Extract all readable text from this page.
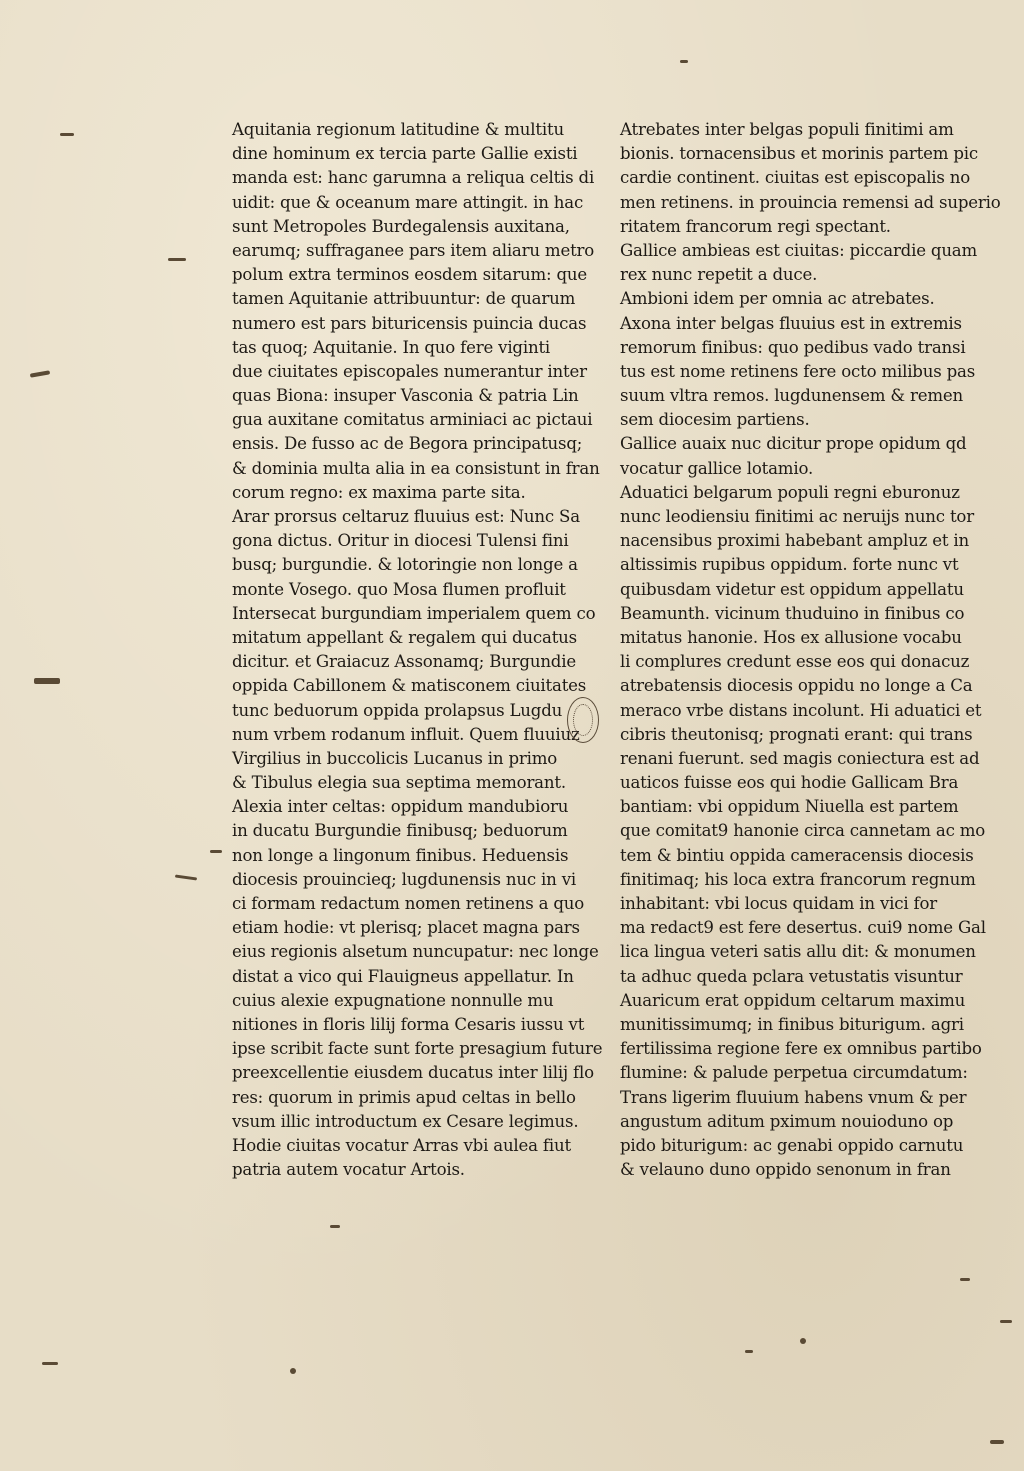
Aquitania regionum latitudine & multitu
dine hominum ex tercia parte Gallie existi
manda est: hanc garumna a reliqua celtis di
uidit: que & oceanum mare attingit. in hac
sunt Metropoles Burdegalensis auxitana,
earumq; suffraganee pars item aliaru metro
polum extra terminos eosdem sitarum: que
tamen Aquitanie attribuuntur: de quarum
numero est pars bituricensis puincia ducas
tas quoq; Aquitanie. In quo fere viginti
due ciuitates episcopales numerantur inter
quas Biona: insuper Vasconia & patria Lin
gua auxitane comitatus arminiaci ac pictaui
ensis. De fusso ac de Begora principatusq;
& dominia multa alia in ea consistunt in fran
corum regno: ex maxima parte sita.
Arar prorsus celtaruz fluuius est: Nunc Sa
gona dictus. Oritur in diocesi Tulensi fini
busq; burgundie. & lotoringie non longe a
monte Vosego. quo Mosa flumen profluit
Intersecat burgundiam imperialem quem co
mitatum appellant & regalem qui ducatus
dicitur. et Graiacuz Assonamq; Burgundie
oppida Cabillonem & matisconem ciuitates
tunc beduorum oppida prolapsus Lugdu
num vrbem rodanum influit. Quem fluuiuz
Virgilius in buccolicis Lucanus in primo
& Tibulus elegia sua septima memorant.
Alexia inter celtas: oppidum mandubioru
in ducatu Burgundie finibusq; beduorum
non longe a lingonum finibus. Heduensis
diocesis prouincieq; lugdunensis nuc in vi
ci formam redactum nomen retinens a quo
etiam hodie: vt plerisq; placet magna pars
eius regionis alsetum nuncupatur: nec longe
distat a vico qui Flauigneus appellatur. In
cuius alexie expugnatione nonnulle mu
nitiones in floris lilij forma Cesaris iussu vt
ipse scribit facte sunt forte presagium future
preexcellentie eiusdem ducatus inter lilij flo
res: quorum in primis apud celtas in bello
vsum illic introductum ex Cesare legimus.
Hodie ciuitas vocatur Arras vbi aulea fiut
patria autem vocatur Artois.
Atrebates inter belgas populi finitimi am
bionis. tornacensibus et morinis partem pic
cardie continent. ciuitas est episcopalis no
men retinens. in prouincia remensi ad superio
ritatem francorum regi spectant.
Gallice ambieas est ciuitas: piccardie quam
rex nunc repetit a duce.
Ambioni idem per omnia ac atrebates.
Axona inter belgas fluuius est in extremis
remorum finibus: quo pedibus vado transi
tus est nome retinens fere octo milibus pas
suum vltra remos. lugdunensem & remen
sem diocesim partiens.
Gallice auaix nuc dicitur prope opidum qd
vocatur gallice lotamio.
Aduatici belgarum populi regni eburonuz
nunc leodiensiu finitimi ac neruijs nunc tor
nacensibus proximi habebant ampluz et in
altissimis rupibus oppidum. forte nunc vt
quibusdam videtur est oppidum appellatu
Beamunth. vicinum thuduino in finibus co
mitatus hanonie. Hos ex allusione vocabu
li complures credunt esse eos qui donacuz
atrebatensis diocesis oppidu no longe a Ca
meraco vrbe distans incolunt. Hi aduatici et
cibris theutonisq; prognati erant: qui trans
renani fuerunt. sed magis coniectura est ad
uaticos fuisse eos qui hodie Gallicam Bra
bantiam: vbi oppidum Niuella est partem
que comitat9 hanonie circa cannetam ac mo
tem & bintiu oppida cameracensis diocesis
finitimaq; his loca extra francorum regnum
inhabitant: vbi locus quidam in vici for
ma redact9 est fere desertus. cui9 nome Gal
lica lingua veteri satis allu dit: & monumen
ta adhuc queda pclara vetustatis visuntur
Auaricum erat oppidum celtarum maximu
munitissimumq; in finibus biturigum. agri
fertilissima regione fere ex omnibus partibo
flumine: & palude perpetua circumdatum:
Trans ligerim fluuium habens vnum & per
angustum aditum pximum nouioduno op
pido biturigum: ac genabi oppido carnutu
& velauno duno oppido senonum in fran
